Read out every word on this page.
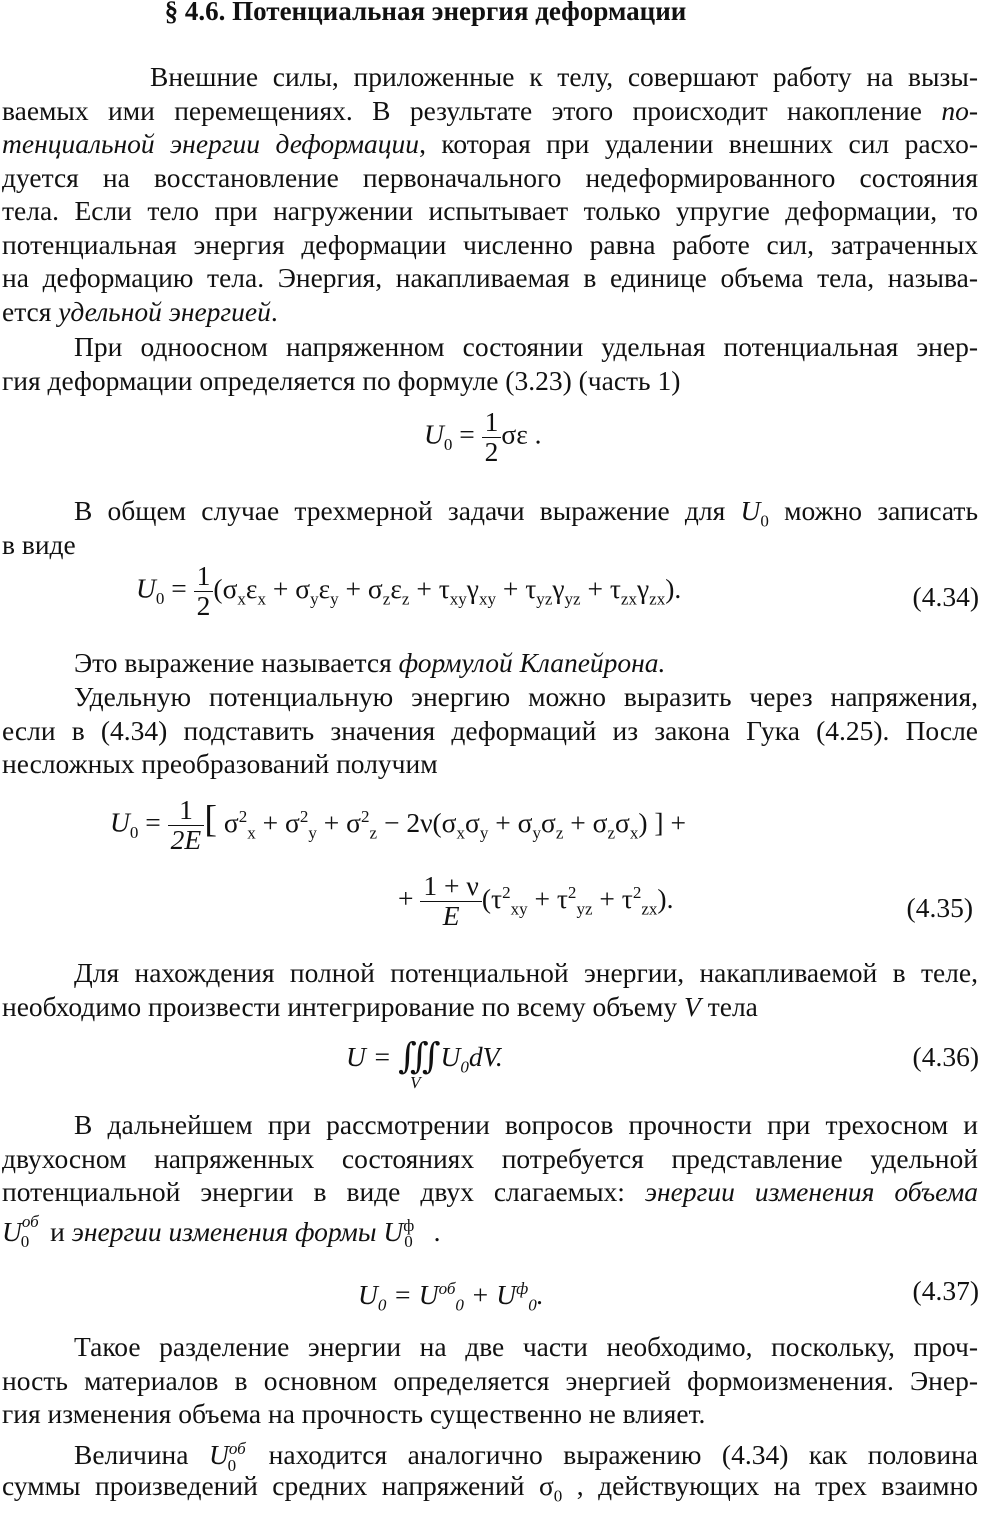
§ 4.6. Потенциальная энергия деформации
Внешние силы, приложенные к телу, совершают работу на вызы-
ваемых ими перемещениях. В результате этого происходит накопление по-
тенциальной энергии деформации, которая при удалении внешних сил расхо-
дуется на восстановление первоначального недеформированного состояния
тела. Если тело при нагружении испытывает только упругие деформации, то
потенциальная энергия деформации численно равна работе сил, затраченных
на деформацию тела. Энергия, накапливаемая в единице объема тела, называ-
ется удельной энергией.
При одноосном напряженном состоянии удельная потенциальная энер-
гия деформации определяется по формуле (3.23) (часть 1)
$U_0 = \frac{1}{2}$ σε .
В общем случае трехмерной задачи выражение для $U_0$ можно записать
в виде
$U_0 = \frac{1}{2} (\sigma_x\varepsilon_x + \sigma_y\varepsilon_y + \sigma_z\varepsilon_z + \tau_{xy}\gamma_{xy} + \tau_{yz}\gamma_{yz} + \tau_{zx}\gamma_{zx})$.	(4.34)
Это выражение называется формулой Клапейрона.
Удельную потенциальную энергию можно выразить через напряжения,
если в (4.34) подставить значения деформаций из закона Гука (4.25). После
несложных преобразований получим
$U_0 = \frac{1}{2E}$ [ $\sigma^2_x + \sigma^2_y + \sigma^2_z - 2\nu(\sigma_x\sigma_y + \sigma_y\sigma_z + \sigma_z\sigma_x)$ ] +
+ $\frac{1 + \nu}{E} (\tau^2_{xy} + \tau^2_{yz} + \tau^2_{zx})$.	(4.35)
Для нахождения полной потенциальной энергии, накапливаемой в теле,
необходимо произвести интегрирование по всему объему V тела
U = ∭
V
$U_0dV$.	(4.36)
В дальнейшем при рассмотрении вопросов прочности при трехосном и
двухосном напряженных состояниях потребуется представление удельной
потенциальной энергии в виде двух слагаемых: энергии изменения объема
$U^{об}_0$ и энергии изменения формы $U^ф_0$ .
$U_0 = U^{об}_0 + U^ф_0$.	(4.37)
Такое разделение энергии на две части необходимо, поскольку, проч-
ность материалов в основном определяется энергией формоизменения. Энер-
гия изменения объема на прочность существенно не влияет.
Величина $U^{об}_0$ находится аналогично выражению (4.34) как половина
суммы произведений средних напряжений $\sigma_0$ , действующих на трех взаимно
